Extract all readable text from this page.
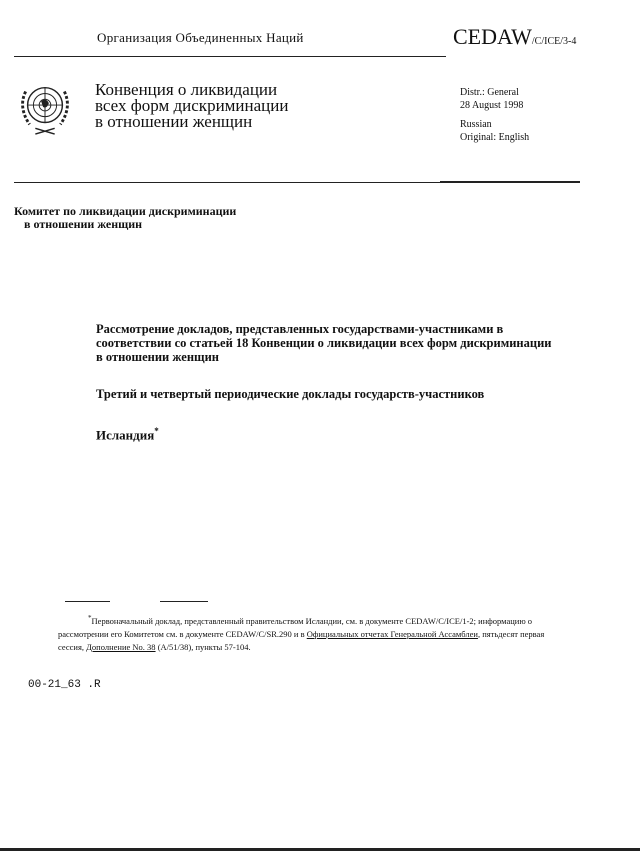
Организация Объединенных Наций	CEDAW/C/ICE/3-4
Конвенция о ликвидации
всех форм дискриминации
в отношении женщин
Distr.: General
28 August 1998
Russian
Original: English
Комитет по ликвидации дискриминации
в отношении женщин
Рассмотрение докладов, представленных государствами-участниками в соответствии со статьей 18 Конвенции о ликвидации всех форм дискриминации в отношении женщин
Третий и четвертый периодические доклады государств-участников
Исландия*
*Первоначальный доклад, представленный правительством Исландии, см. в документе CEDAW/C/ICE/1-2; информацию о рассмотрении его Комитетом см. в документе CEDAW/C/SR.290 и в Официальных отчетах Генеральной Ассамблеи, пятьдесят первая сессия, Дополнение No. 38 (A/51/38), пункты 57-104.
00-21_63 .R
